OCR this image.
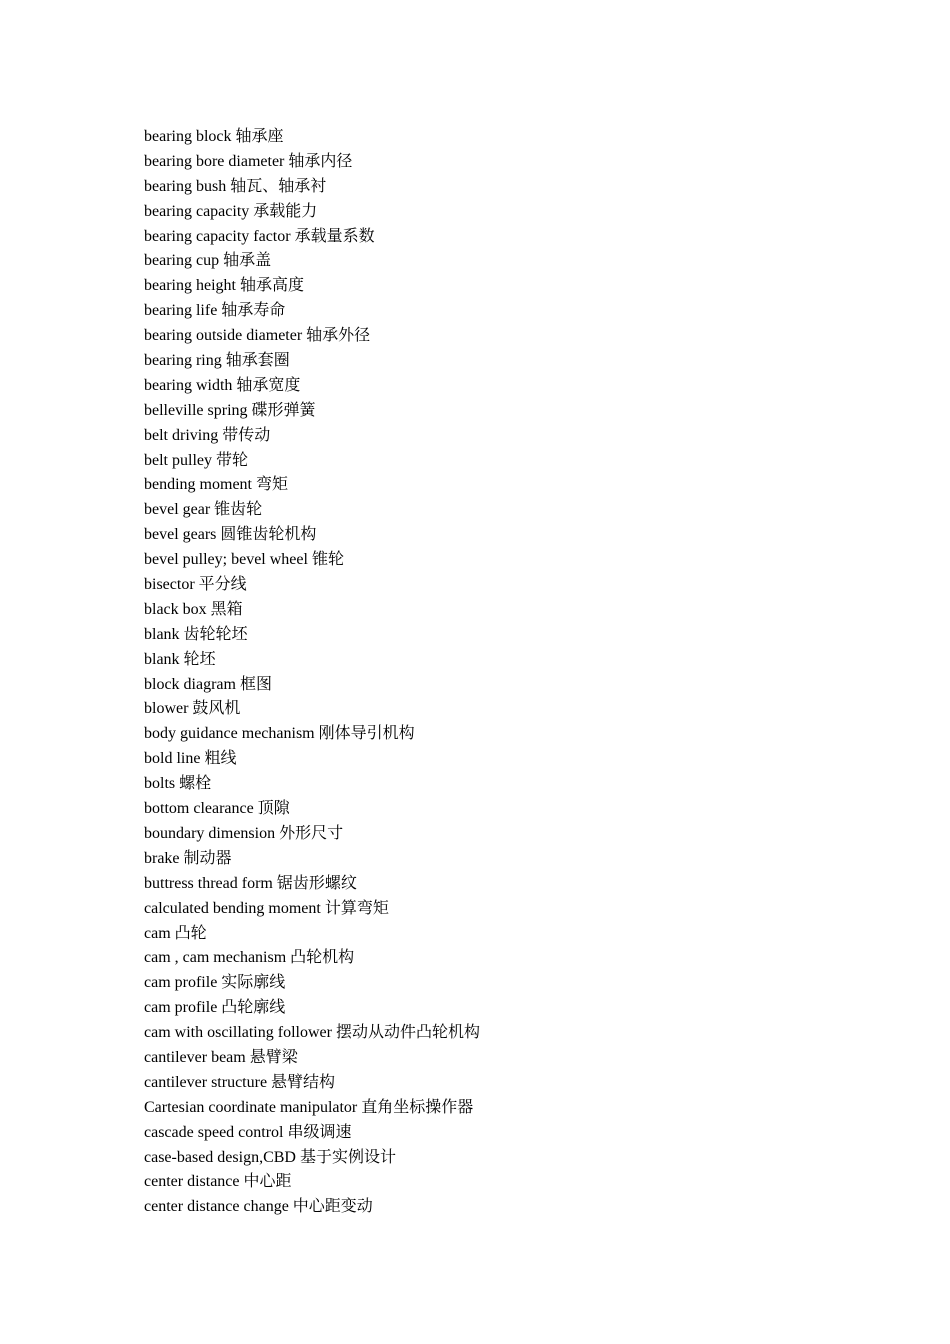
bearing block 轴承座
bearing bore diameter 轴承内径
bearing bush 轴瓦、轴承衬
bearing capacity 承载能力
bearing capacity factor 承载量系数
bearing cup 轴承盖
bearing height 轴承高度
bearing life 轴承寿命
bearing outside diameter 轴承外径
bearing ring 轴承套圈
bearing width 轴承宽度
belleville spring 碟形弹簧
belt driving 带传动
belt pulley 带轮
bending moment 弯矩
bevel gear 锥齿轮
bevel gears 圆锥齿轮机构
bevel pulley; bevel wheel 锥轮
bisector 平分线
black box 黑箱
blank 齿轮轮坯
blank 轮坯
block diagram 框图
blower 鼓风机
body guidance mechanism 刚体导引机构
bold line 粗线
bolts 螺栓
bottom clearance 顶隙
boundary dimension 外形尺寸
brake 制动器
buttress thread form 锯齿形螺纹
calculated bending moment 计算弯矩
cam 凸轮
cam , cam mechanism 凸轮机构
cam profile 实际廓线
cam profile 凸轮廓线
cam with oscillating follower 摆动从动件凸轮机构
cantilever beam 悬臂梁
cantilever structure 悬臂结构
Cartesian coordinate manipulator 直角坐标操作器
cascade speed control 串级调速
case-based design,CBD 基于实例设计
center distance 中心距
center distance change 中心距变动
